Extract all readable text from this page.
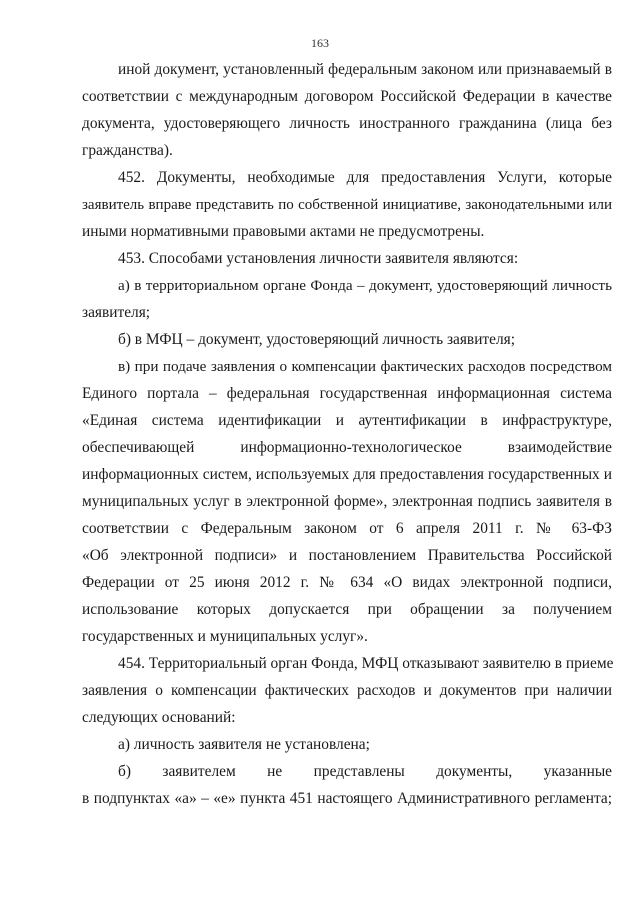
163
иной документ, установленный федеральным законом или признаваемый в
соответствии с международным договором Российской Федерации в качестве
документа, удостоверяющего личность иностранного гражданина (лица без
гражданства).
452. Документы, необходимые для предоставления Услуги, которые
заявитель вправе представить по собственной инициативе, законодательными или
иными нормативными правовыми актами не предусмотрены.
453. Способами установления личности заявителя являются:
а) в территориальном органе Фонда – документ, удостоверяющий личность
заявителя;
б) в МФЦ – документ, удостоверяющий личность заявителя;
в) при подаче заявления о компенсации фактических расходов посредством
Единого портала – федеральная государственная информационная система
«Единая система идентификации и аутентификации в инфраструктуре,
обеспечивающей информационно-технологическое взаимодействие
информационных систем, используемых для предоставления государственных и
муниципальных услуг в электронной форме», электронная подпись заявителя в
соответствии с Федеральным законом от 6 апреля 2011 г. № 63-ФЗ
«Об электронной подписи» и постановлением Правительства Российской
Федерации от 25 июня 2012 г. № 634 «О видах электронной подписи,
использование которых допускается при обращении за получением
государственных и муниципальных услуг».
454. Территориальный орган Фонда, МФЦ отказывают заявителю в приеме
заявления о компенсации фактических расходов и документов при наличии
следующих оснований:
а) личность заявителя не установлена;
б) заявителем не представлены документы, указанные
в подпунктах «а» – «е» пункта 451 настоящего Административного регламента;
